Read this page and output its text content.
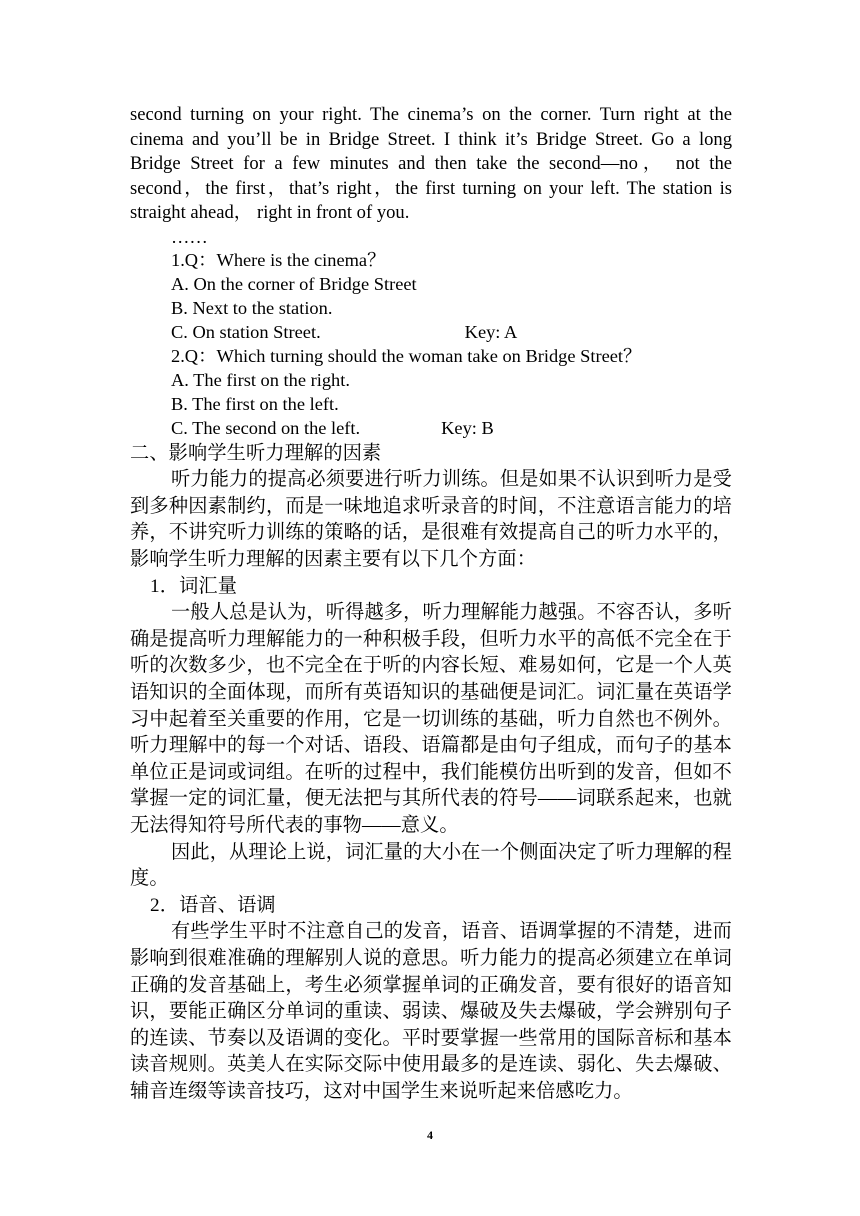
second turning on your right. The cinema’s on the corner. Turn right at the cinema and you’ll be in Bridge Street. I think it’s Bridge Street. Go a long Bridge Street for a few minutes and then take the second—no， not the second，the first，that’s right，the first turning on your left. The station is straight ahead， right in front of you.

……

1.Q：Where is the cinema？

A. On the corner of Bridge Street

B. Next to the station.

C. On station Street.	Key: A

2.Q：Which turning should the woman take on Bridge Street？

A. The first on the right.

B. The first on the left.

C. The second on the left.	Key: B

二、影响学生听力理解的因素

听力能力的提高必须要进行听力训练。但是如果不认识到听力是受到多种因素制约，而是一味地追求听录音的时间，不注意语言能力的培养，不讲究听力训练的策略的话，是很难有效提高自己的听力水平的，影响学生听力理解的因素主要有以下几个方面：

1．词汇量

一般人总是认为，听得越多，听力理解能力越强。不容否认，多听确是提高听力理解能力的一种积极手段，但听力水平的高低不完全在于听的次数多少，也不完全在于听的内容长短、难易如何，它是一个人英语知识的全面体现，而所有英语知识的基础便是词汇。词汇量在英语学习中起着至关重要的作用，它是一切训练的基础，听力自然也不例外。听力理解中的每一个对话、语段、语篇都是由句子组成，而句子的基本单位正是词或词组。在听的过程中，我们能模仿出听到的发音，但如不掌握一定的词汇量，便无法把与其所代表的符号——词联系起来，也就无法得知符号所代表的事物——意义。

因此，从理论上说，词汇量的大小在一个侧面决定了听力理解的程度。

2．语音、语调

有些学生平时不注意自己的发音，语音、语调掌握的不清楚，进而影响到很难准确的理解别人说的意思。听力能力的提高必须建立在单词正确的发音基础上，考生必须掌握单词的正确发音，要有很好的语音知识，要能正确区分单词的重读、弱读、爆破及失去爆破，学会辨别句子的连读、节奏以及语调的变化。平时要掌握一些常用的国际音标和基本读音规则。英美人在实际交际中使用最多的是连读、弱化、失去爆破、辅音连缀等读音技巧，这对中国学生来说听起来倍感吃力。

4
